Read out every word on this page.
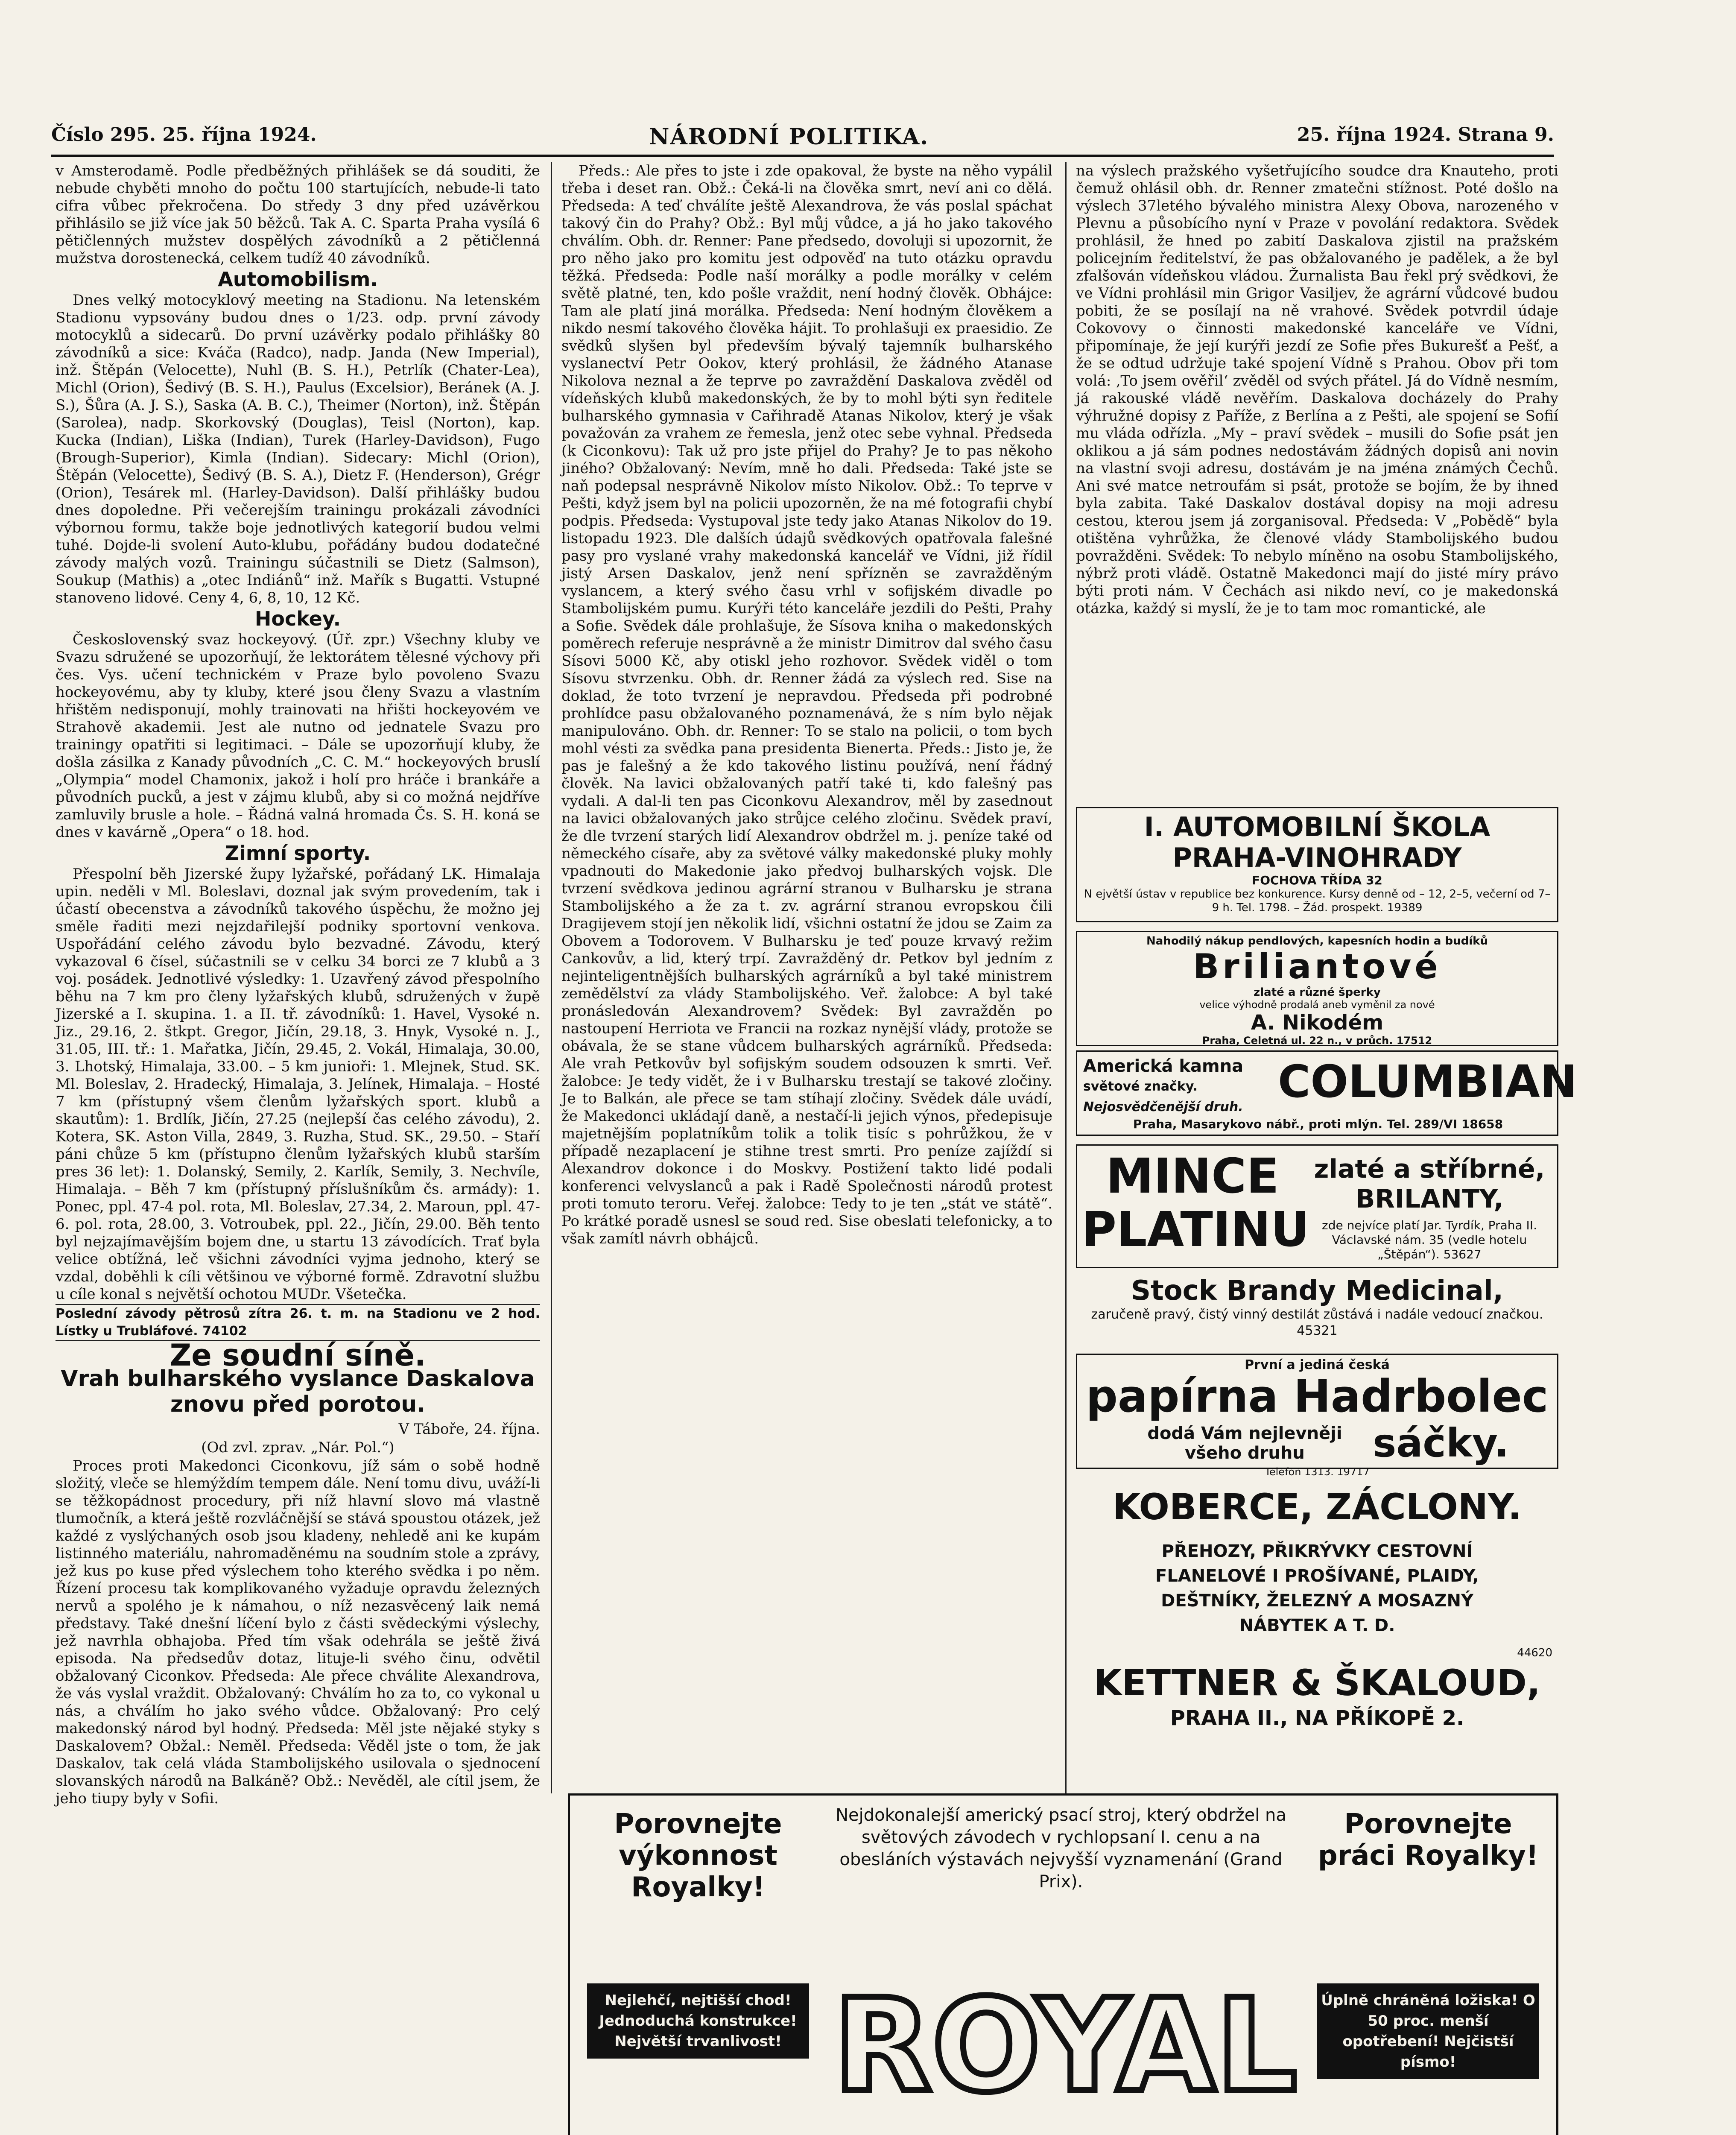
Číslo 295. 25. října 1924.	NÁRODNÍ POLITIKA.	25. října 1924. Strana 9.

v Amsterodamě. Podle předběžných přihlášek se dá souditi, že nebude chyběti mnoho do počtu 100 startujících, nebude-li tato cifra vůbec překročena. Do středy 3 dny před uzávěrkou přihlásilo se již více jak 50 běžců. Tak A. C. Sparta Praha vysílá 6 pětičlenných mužstev dospělých závodníků a 2 pětičlenná mužstva dorostenecká, celkem tudíž 40 závodníků.

Automobilism.

Dnes velký motocyklový meeting na Stadionu. Na letenském Stadionu vypsovány budou dnes o 1/23. odp. první závody motocyklů a sidecarů. Do první uzávěrky podalo přihlášky 80 závodníků a sice: Kváča (Radco), nadp. Janda (New Imperial), inž. Štěpán (Velocette), Nuhl (B. S. H.), Petrlík (Chater-Lea), Michl (Orion), Šedivý (B. S. H.), Paulus (Excelsior), Beránek (A. J. S.), Šůra (A. J. S.), Saska (A. B. C.), Theimer (Norton), inž. Štěpán (Sarolea), nadp. Skorkovský (Douglas), Teisl (Norton), kap. Kucka (Indian), Liška (Indian), Turek (Harley-Davidson), Fugo (Brough-Superior), Kimla (Indian). Sidecary: Michl (Orion), Štěpán (Velocette), Šedivý (B. S. A.), Dietz F. (Henderson), Grégr (Orion), Tesárek ml. (Harley-Davidson). Další přihlášky budou dnes dopoledne. Při večerejším trainingu prokázali závodníci výbornou formu, takže boje jednotlivých kategorií budou velmi tuhé. Dojde-li svolení Auto-klubu, pořádány budou dodatečné závody malých vozů. Trainingu súčastnili se Dietz (Salmson), Soukup (Mathis) a „otec Indiánů“ inž. Mařík s Bugatti. Vstupné stanoveno lidové. Ceny 4, 6, 8, 10, 12 Kč.

Hockey.

Československý svaz hockeyový. (Úř. zpr.) Všechny kluby ve Svazu sdružené se upozorňují, že lektorátem tělesné výchovy při čes. Vys. učení technickém v Praze bylo povoleno Svazu hockeyovému, aby ty kluby, které jsou členy Svazu a vlastním hřištěm nedisponují, mohly trainovati na hřišti hockeyovém ve Strahově akademii. Jest ale nutno od jednatele Svazu pro trainingy opatřiti si legitimaci. – Dále se upozorňují kluby, že došla zásilka z Kanady původních „C. C. M.“ hockeyových bruslí „Olympia“ model Chamonix, jakož i holí pro hráče i brankáře a původních pucků, a jest v zájmu klubů, aby si co možná nejdříve zamluvily brusle a hole. – Řádná valná hromada Čs. S. H. koná se dnes v kavárně „Opera“ o 18. hod.

Zimní sporty.

Přespolní běh Jizerské župy lyžařské, pořádaný LK. Himalaja upin. neděli v Ml. Boleslavi, doznal jak svým provedením, tak i účastí obecenstva a závodníků takového úspěchu, že možno jej směle řaditi mezi nejzdařilejší podniky sportovní venkova. Uspořádání celého závodu bylo bezvadné. Závodu, který vykazoval 6 čísel, súčastnili se v celku 34 borci ze 7 klubů a 3 voj. posádek. Jednotlivé výsledky: 1. Uzavřený závod přespolního běhu na 7 km pro členy lyžařských klubů, sdružených v župě Jizerské a I. skupina. 1. a II. tř. závodníků: 1. Havel, Vysoké n. Jiz., 29.16, 2. štkpt. Gregor, Jičín, 29.18, 3. Hnyk, Vysoké n. J., 31.05, III. tř.: 1. Mařatka, Jičín, 29.45, 2. Vokál, Himalaja, 30.00, 3. Lhotský, Himalaja, 33.00. – 5 km junioři: 1. Mlejnek, Stud. SK. Ml. Boleslav, 2. Hradecký, Himalaja, 3. Jelínek, Himalaja. – Hosté 7 km (přístupný všem členům lyžařských sport. klubů a skautům): 1. Brdlík, Jičín, 27.25 (nejlepší čas celého závodu), 2. Kotera, SK. Aston Villa, 2849, 3. Ruzha, Stud. SK., 29.50. – Staří páni chůze 5 km (přístupno členům lyžařských klubů starším pres 36 let): 1. Dolanský, Semily, 2. Karlík, Semily, 3. Nechvíle, Himalaja. – Běh 7 km (přístupný příslušníkům čs. armády): 1. Ponec, ppl. 47-4 pol. rota, Ml. Boleslav, 27.34, 2. Maroun, ppl. 47-6. pol. rota, 28.00, 3. Votroubek, ppl. 22., Jičín, 29.00. Běh tento byl nejzajímavějším bojem dne, u startu 13 závodících. Trať byla velice obtížná, leč všichni závodníci vyjma jednoho, který se vzdal, doběhli k cíli většinou ve výborné formě. Zdravotní službu u cíle konal s největší ochotou MUDr. Všetečka.

Poslední závody pětrosů zítra 26. t. m. na Stadionu ve 2 hod. Lístky u Trubláfové. 74102

Ze soudní síně.
Vrah bulharského vyslance Daskalova znovu před porotou.

V Táboře, 24. října.

(Od zvl. zprav. „Nár. Pol.“)

Proces proti Makedonci Ciconkovu, jíž sám o sobě hodně složitý, vleče se hlemýždím tempem dále. Není tomu divu, uváží-li se těžkopádnost procedury, při níž hlavní slovo má vlastně tlumočník, a která ještě rozvláčnější se stává spoustou otázek, jež každé z vyslýchaných osob jsou kladeny, nehledě ani ke kupám listinného materiálu, nahromaděnému na soudním stole a zprávy, jež kus po kuse před výslechem toho kterého svědka i po něm. Řízení procesu tak komplikovaného vyžaduje opravdu železných nervů a spolého je k námahou, o níž nezasvěcený laik nemá představy. Také dnešní líčení bylo z části svědeckými výslechy, jež navrhla obhajoba. Před tím však odehrála se ještě živá episoda. Na předsedův dotaz, lituje-li svého činu, odvětil obžalovaný Ciconkov. Předseda: Ale přece chválite Alexandrova, že vás vyslal vraždit. Obžalovaný: Chválím ho za to, co vykonal u nás, a chválím ho jako svého vůdce. Obžalovaný: Pro celý makedonský národ byl hodný. Předseda: Měl jste nějaké styky s Daskalovem? Obžal.: Neměl. Předseda: Věděl jste o tom, že jak Daskalov, tak celá vláda Stambolijského usilovala o sjednocení slovanských národů na Balkáně? Obž.: Nevěděl, ale cítil jsem, že jeho tiupy byly v Sofii.

Předs.: Ale přes to jste i zde opakoval, že byste na něho vypálil třeba i deset ran. Obž.: Čeká-li na člověka smrt, neví ani co dělá. Předseda: A teď chválíte ještě Alexandrova, že vás poslal spáchat takový čin do Prahy? Obž.: Byl můj vůdce, a já ho jako takového chválím. Obh. dr. Renner: Pane předsedo, dovoluji si upozornit, že pro něho jako pro komitu jest odpověď na tuto otázku opravdu těžká. Předseda: Podle naší morálky a podle morálky v celém světě platné, ten, kdo pošle vraždit, není hodný člověk. Obhájce: Tam ale platí jiná morálka. Předseda: Není hodným člověkem a nikdo nesmí takového člověka hájit. To prohlašuji ex praesidio. Ze svědků slyšen byl především bývalý tajemník bulharského vyslanectví Petr Ookov, který prohlásil, že žádného Atanase Nikolova neznal a že teprve po zavraždění Daskalova zvěděl od vídeňských klubů makedonských, že by to mohl býti syn ředitele bulharského gymnasia v Cařihradě Atanas Nikolov, který je však považován za vrahem ze řemesla, jenž otec sebe vyhnal. Předseda (k Ciconkovu): Tak už pro jste přijel do Prahy? Je to pas někoho jiného? Obžalovaný: Nevím, mně ho dali. Předseda: Také jste se naň podepsal nesprávně Nikolov místo Nikolov. Obž.: To teprve v Pešti, když jsem byl na policii upozorněn, že na mé fotografii chybí podpis. Předseda: Vystupoval jste tedy jako Atanas Nikolov do 19. listopadu 1923. Dle dalších údajů svědkových opatřovala falešné pasy pro vyslané vrahy makedonská kancelář ve Vídni, již řídil jistý Arsen Daskalov, jenž není spřízněn se zavražděným vyslancem, a který svého času vrhl v sofijském divadle po Stambolijském pumu. Kurýři této kanceláře jezdili do Pešti, Prahy a Sofie. Svědek dále prohlašuje, že Sísova kniha o makedonských poměrech referuje nesprávně a že ministr Dimitrov dal svého času Sísovi 5000 Kč, aby otiskl jeho rozhovor. Svědek viděl o tom Sísovu stvrzenku. Obh. dr. Renner žádá za výslech red. Sise na doklad, že toto tvrzení je nepravdou. Předseda při podrobné prohlídce pasu obžalovaného poznamenává, že s ním bylo nějak manipulováno. Obh. dr. Renner: To se stalo na policii, o tom bych mohl vésti za svědka pana presidenta Bienerta. Předs.: Jisto je, že pas je falešný a že kdo takového listinu používá, není řádný člověk. Na lavici obžalovaných patří také ti, kdo falešný pas vydali. A dal-li ten pas Ciconkovu Alexandrov, měl by zasednout na lavici obžalovaných jako strůjce celého zločinu. Svědek praví, že dle tvrzení starých lidí Alexandrov obdržel m. j. peníze také od německého císaře, aby za světové války makedonské pluky mohly vpadnouti do Makedonie jako předvoj bulharských vojsk. Dle tvrzení svědkova jedinou agrární stranou v Bulharsku je strana Stambolijského a že za t. zv. agrární stranou evropskou čili Dragijevem stojí jen několik lidí, všichni ostatní že jdou se Zaim za Obovem a Todorovem. V Bulharsku je teď pouze krvavý režim Cankovův, a lid, který trpí. Zavražděný dr. Petkov byl jedním z nejinteligentnějších bulharských agrárníků a byl také ministrem zemědělství za vlády Stambolijského. Veř. žalobce: A byl také pronásledován Alexandrovem? Svědek: Byl zavražděn po nastoupení Herriota ve Francii na rozkaz nynější vlády, protože se obávala, že se stane vůdcem bulharských agrárníků. Předseda: Ale vrah Petkovův byl sofijským soudem odsouzen k smrti. Veř. žalobce: Je tedy vidět, že i v Bulharsku trestají se takové zločiny. Je to Balkán, ale přece se tam stíhají zločiny. Svědek dále uvádí, že Makedonci ukládají daně, a nestačí-li jejich výnos, předepisuje majetnějším poplatníkům tolik a tolik tisíc s pohrůžkou, že v případě nezaplacení je stihne trest smrti. Pro peníze zajíždí si Alexandrov dokonce i do Moskvy. Postižení takto lidé podali konferenci velvyslanců a pak i Radě Společnosti národů protest proti tomuto teroru. Veřej. žalobce: Tedy to je ten „stát ve státě“. Po krátké poradě usnesl se soud red. Sise obeslati telefonicky, a to však zamítl návrh obhájců.

na výslech pražského vyšetřujícího soudce dra Knauteho, proti čemuž ohlásil obh. dr. Renner zmatečni stížnost. Poté došlo na výslech 37letého bývalého ministra Alexy Obova, narozeného v Plevnu a působícího nyní v Praze v povolání redaktora. Svědek prohlásil, že hned po zabití Daskalova zjistil na pražském policejním ředitelství, že pas obžalovaného je padělek, a že byl zfalšován vídeňskou vládou. Žurnalista Bau řekl prý svědkovi, že ve Vídni prohlásil min Grigor Vasiljev, že agrární vůdcové budou pobiti, že se posílají na ně vrahové. Svědek potvrdil údaje Cokovovy o činnosti makedonské kanceláře ve Vídni, připomínaje, že její kurýři jezdí ze Sofie přes Bukurešť a Pešť, a že se odtud udržuje také spojení Vídně s Prahou. Obov při tom volá: ‚To jsem ověřil‘ zvěděl od svých přátel. Já do Vídně nesmím, já rakouské vládě nevěřím. Daskalova docházely do Prahy výhružné dopisy z Paříže, z Berlína a z Pešti, ale spojení se Sofií mu vláda odřízla. „My – praví svědek – musili do Sofie psát jen oklikou a já sám podnes nedostávám žádných dopisů ani novin na vlastní svoji adresu, dostávám je na jména známých Čechů. Ani své matce netroufám si psát, protože se bojím, že by ihned byla zabita. Také Daskalov dostával dopisy na moji adresu cestou, kterou jsem já zorganisoval. Předseda: V „Pobědě“ byla otištěna vyhrůžka, že členové vlády Stambolijského budou povražděni. Svědek: To nebylo míněno na osobu Stambolijského, nýbrž proti vládě. Ostatně Makedonci mají do jisté míry právo býti proti nám. V Čechách asi nikdo neví, co je makedonská otázka, každý si myslí, že je to tam moc romantické, ale

I. AUTOMOBILNÍ ŠKOLA PRAHA-VINOHRADY
FOCHOVA TŘÍDA 32
N ejvětší ústav v republice bez konkurence. Kursy denně od – 12, 2–5, večerní od 7–9 h. Tel. 1798. – Žád. prospekt. 19389
Nahodilý nákup pendlových, kapesních hodin a budíků
Briliantové
zlaté a různé šperky
velice výhodně prodalá aneb vyměnil za nové
A. Nikodém
Praha, Celetná ul. 22 n., v průch. 17512
Americká kamna
světové značky.
Nejosvědčenější druh. COLUMBIAN
Praha, Masarykovo nábř., proti mlýn. Tel. 289/VI 18658
MINCE PLATINU
zlaté a stříbrné, BRILANTY,
zde nejvíce platí Jar. Tyrdík, Praha II. Václavské nám. 35 (vedle hotelu „Štěpán“). 53627
Stock Brandy Medicinal,
zaručeně pravý, čistý vinný destilát zůstává i nadále vedoucí značkou. 45321
První a jediná česká
papírna Hadrbolec
dodá Vám nejlevněji všeho druhu	sáčky.
Telefon 1313. 19717
KOBERCE, ZÁCLONY.
PŘEHOZY, PŘIKRÝVKY CESTOVNÍ FLANELOVÉ I PROŠÍVANÉ, PLAIDY, DEŠTNÍKY, ŽELEZNÝ A MOSAZNÝ NÁBYTEK A T. D.
44620
KETTNER & ŠKALOUD,
PRAHA II., NA PŘÍKOPĚ 2.
Porovnejte výkonnost Royalky!
Porovnejte práci Royalky!
Nejdokonalejší americký psací stroj, který obdržel na světových závodech v rychlopsaní I. cenu a na obesláních výstavách nejvyšší vyznamenání (Grand Prix).
Nejlehčí, nejtišší chod! Jednoduchá konstrukce! Největší trvanlivost!
Úplně chráněná ložiska! O 50 proc. menší opotřebení! Nejčistší písmo!
ROYAL
